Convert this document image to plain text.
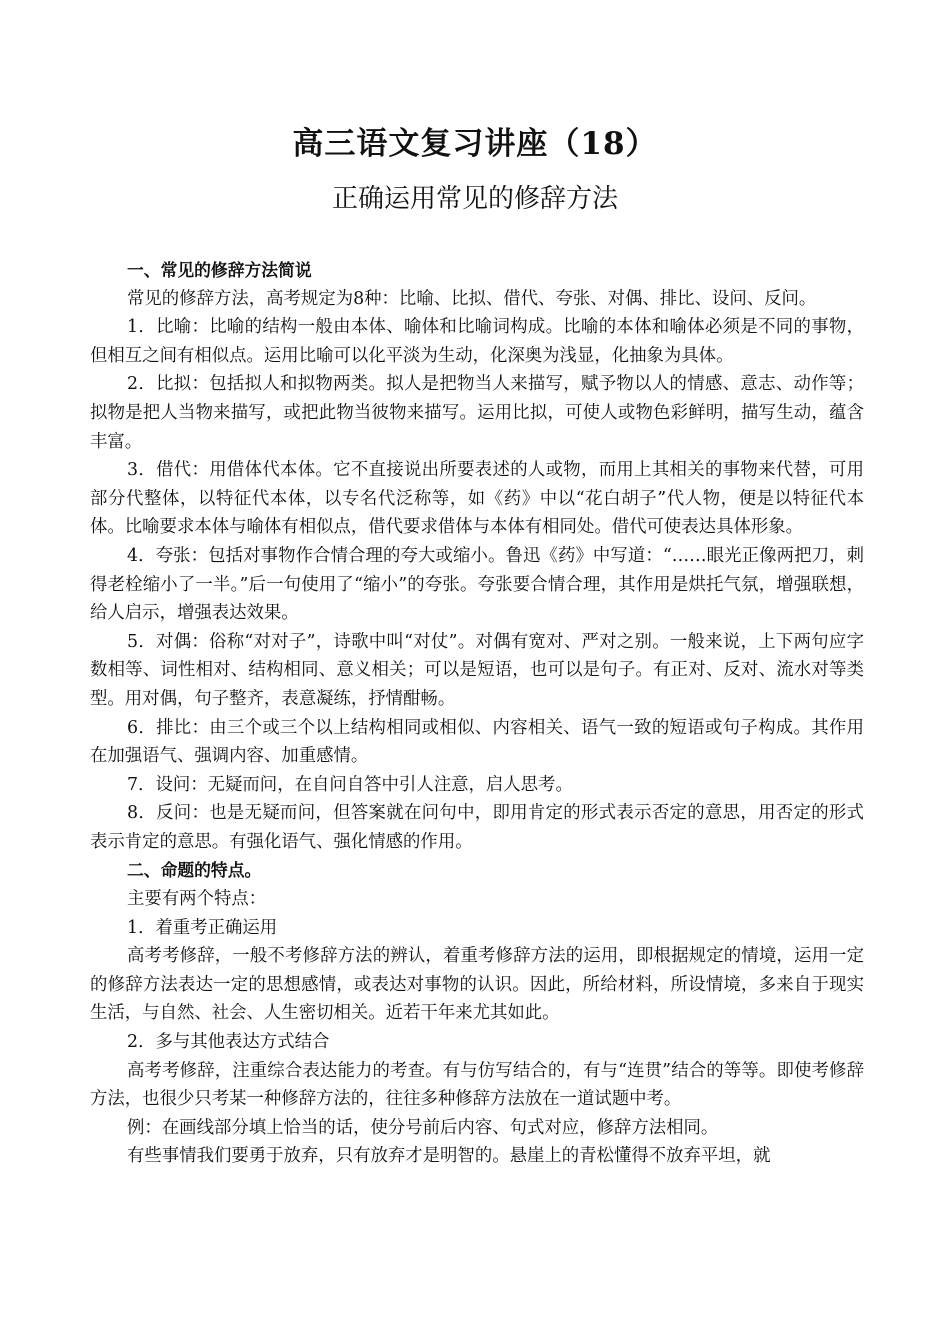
高三语文复习讲座（18）
正确运用常见的修辞方法

一、常见的修辞方法简说

常见的修辞方法，高考规定为8种：比喻、比拟、借代、夸张、对偶、排比、设问、反问。

1．比喻：比喻的结构一般由本体、喻体和比喻词构成。比喻的本体和喻体必须是不同的事物，但相互之间有相似点。运用比喻可以化平淡为生动，化深奥为浅显，化抽象为具体。

2．比拟：包括拟人和拟物两类。拟人是把物当人来描写，赋予物以人的情感、意志、动作等；拟物是把人当物来描写，或把此物当彼物来描写。运用比拟，可使人或物色彩鲜明，描写生动，蕴含丰富。

3．借代：用借体代本体。它不直接说出所要表述的人或物，而用上其相关的事物来代替，可用部分代整体，以特征代本体，以专名代泛称等，如《药》中以“花白胡子”代人物，便是以特征代本体。比喻要求本体与喻体有相似点，借代要求借体与本体有相同处。借代可使表达具体形象。

4．夸张：包括对事物作合情合理的夸大或缩小。鲁迅《药》中写道：“……眼光正像两把刀，刺得老栓缩小了一半。”后一句使用了“缩小”的夸张。夸张要合情合理，其作用是烘托气氛，增强联想，给人启示，增强表达效果。

5．对偶：俗称“对对子”，诗歌中叫“对仗”。对偶有宽对、严对之别。一般来说，上下两句应字数相等、词性相对、结构相同、意义相关；可以是短语，也可以是句子。有正对、反对、流水对等类型。用对偶，句子整齐，表意凝练，抒情酣畅。

6．排比：由三个或三个以上结构相同或相似、内容相关、语气一致的短语或句子构成。其作用在加强语气、强调内容、加重感情。

7．设问：无疑而问，在自问自答中引人注意，启人思考。

8．反问：也是无疑而问，但答案就在问句中，即用肯定的形式表示否定的意思，用否定的形式表示肯定的意思。有强化语气、强化情感的作用。

二、命题的特点。

主要有两个特点：

1．着重考正确运用

高考考修辞，一般不考修辞方法的辨认，着重考修辞方法的运用，即根据规定的情境，运用一定的修辞方法表达一定的思想感情，或表达对事物的认识。因此，所给材料，所设情境，多来自于现实生活，与自然、社会、人生密切相关。近若干年来尤其如此。

2．多与其他表达方式结合

高考考修辞，注重综合表达能力的考查。有与仿写结合的，有与“连贯”结合的等等。即使考修辞方法，也很少只考某一种修辞方法的，往往多种修辞方法放在一道试题中考。

例：在画线部分填上恰当的话，使分号前后内容、句式对应，修辞方法相同。

有些事情我们要勇于放弃，只有放弃才是明智的。悬崖上的青松懂得不放弃平坦，就
